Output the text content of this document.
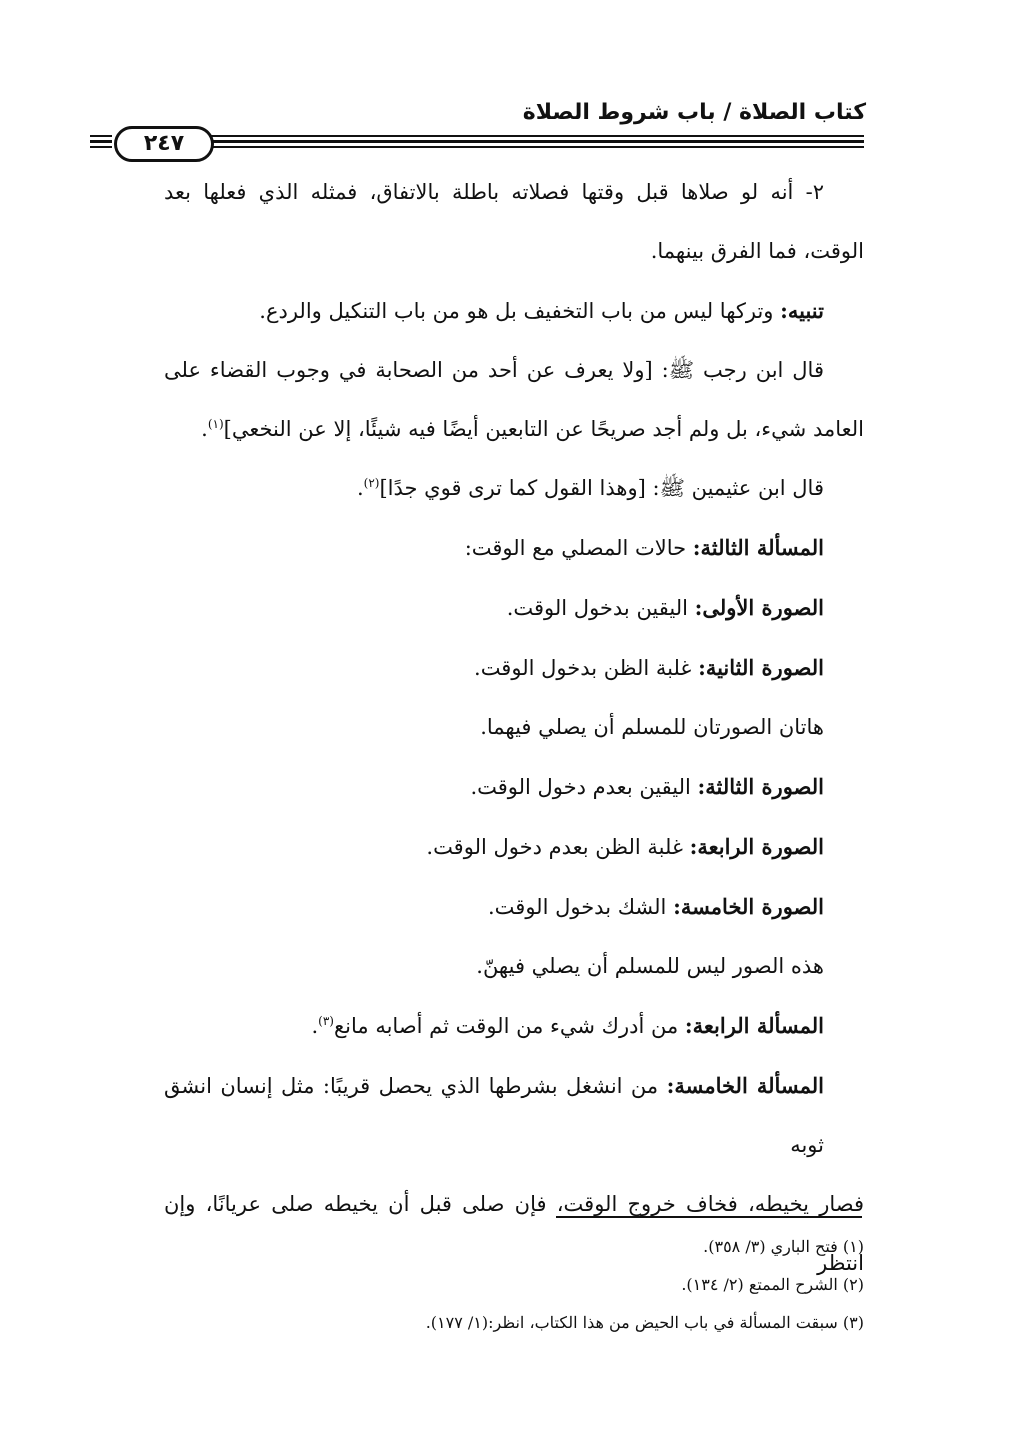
كتاب الصلاة / باب شروط الصلاة
٢٤٧

٢- أنه لو صلاها قبل وقتها فصلاته باطلة بالاتفاق، فمثله الذي فعلها بعد

الوقت، فما الفرق بينهما.

تنبيه: وتركها ليس من باب التخفيف بل هو من باب التنكيل والردع.

قال ابن رجب ﷺ: [ولا يعرف عن أحد من الصحابة في وجوب القضاء على

العامد شيء، بل ولم أجد صريحًا عن التابعين أيضًا فيه شيئًا، إلا عن النخعي]$^{(١)}$.

قال ابن عثيمين ﷺ: [وهذا القول كما ترى قوي جدًا]$^{(٢)}$.

المسألة الثالثة: حالات المصلي مع الوقت:

الصورة الأولى: اليقين بدخول الوقت.

الصورة الثانية: غلبة الظن بدخول الوقت.

هاتان الصورتان للمسلم أن يصلي فيهما.

الصورة الثالثة: اليقين بعدم دخول الوقت.

الصورة الرابعة: غلبة الظن بعدم دخول الوقت.

الصورة الخامسة: الشك بدخول الوقت.

هذه الصور ليس للمسلم أن يصلي فيهنّ.

المسألة الرابعة: من أدرك شيء من الوقت ثم أصابه مانع$^{(٣)}$.

المسألة الخامسة: من انشغل بشرطها الذي يحصل قريبًا: مثل إنسان انشق ثوبه

فصار يخيطه، فخاف خروج الوقت، فإن صلى قبل أن يخيطه صلى عريانًا، وإن انتظر

(١) فتح الباري (٣/ ٣٥٨).

(٢) الشرح الممتع (٢/ ١٣٤).

(٣) سبقت المسألة في باب الحيض من هذا الكتاب، انظر:(١/ ١٧٧).
